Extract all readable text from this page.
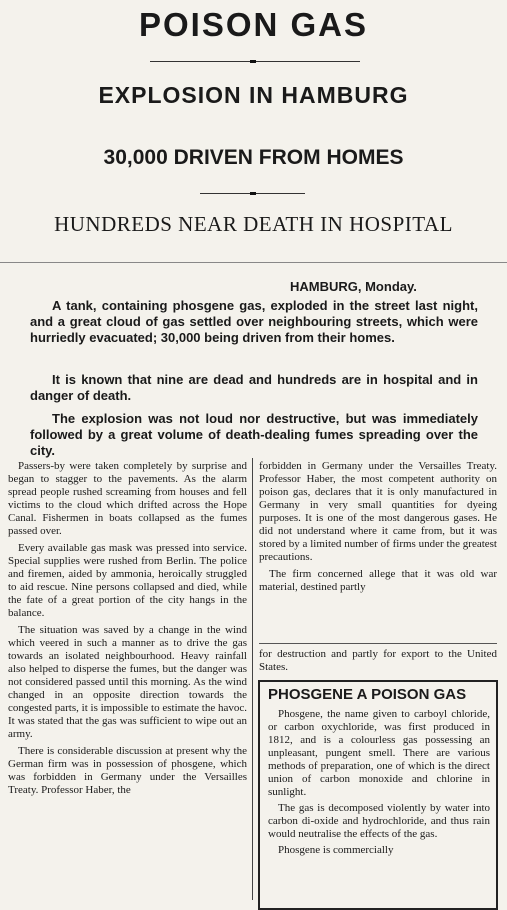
POISON GAS
EXPLOSION IN HAMBURG
30,000 DRIVEN FROM HOMES
HUNDREDS NEAR DEATH IN HOSPITAL
HAMBURG, Monday.

A tank, containing phosgene gas, exploded in the street last night, and a great cloud of gas settled over neighbouring streets, which were hurriedly evacuated; 30,000 being driven from their homes.

It is known that nine are dead and hundreds are in hospital and in danger of death.

The explosion was not loud nor destructive, but was immediately followed by a great volume of death-dealing fumes spreading over the city.

Passers-by were taken completely by surprise and began to stagger to the pavements. As the alarm spread people rushed screaming from houses and fell victims to the cloud which drifted across the Hope Canal. Fishermen in boats collapsed as the fumes passed over.

Every available gas mask was pressed into service. Special supplies were rushed from Berlin. The police and firemen, aided by ammonia, heroically struggled to aid rescue. Nine persons collapsed and died, while the fate of a great portion of the city hangs in the balance.

The situation was saved by a change in the wind which veered in such a manner as to drive the gas towards an isolated neighbourhood. Heavy rainfall also helped to disperse the fumes, but the danger was not considered passed until this morning. As the wind changed in an opposite direction towards the congested parts, it is impossible to estimate the havoc. It was stated that the gas was sufficient to wipe out an army.

There is considerable discussion at present why the German firm was in possession of phosgene, which was forbidden in Germany under the Versailles Treaty. Professor Haber, the

forbidden in Germany under the Versailles Treaty. Professor Haber, the most competent authority on poison gas, declares that it is only manufactured in Germany in very small quantities for dyeing purposes. It is one of the most dangerous gases. He did not understand where it came from, but it was stored by a limited number of firms under the greatest precautions.

The firm concerned allege that it was old war material, destined partly

for destruction and partly for export to the United States.

PHOSGENE A POISON GAS

Phosgene, the name given to carboyl chloride, or carbon oxychloride, was first produced in 1812, and is a colourless gas possessing an unpleasant, pungent smell. There are various methods of preparation, one of which is the direct union of carbon monoxide and chlorine in sunlight.

The gas is decomposed violently by water into carbon di-oxide and hydrochloride, and thus rain would neutralise the effects of the gas.

Phosgene is commercially
